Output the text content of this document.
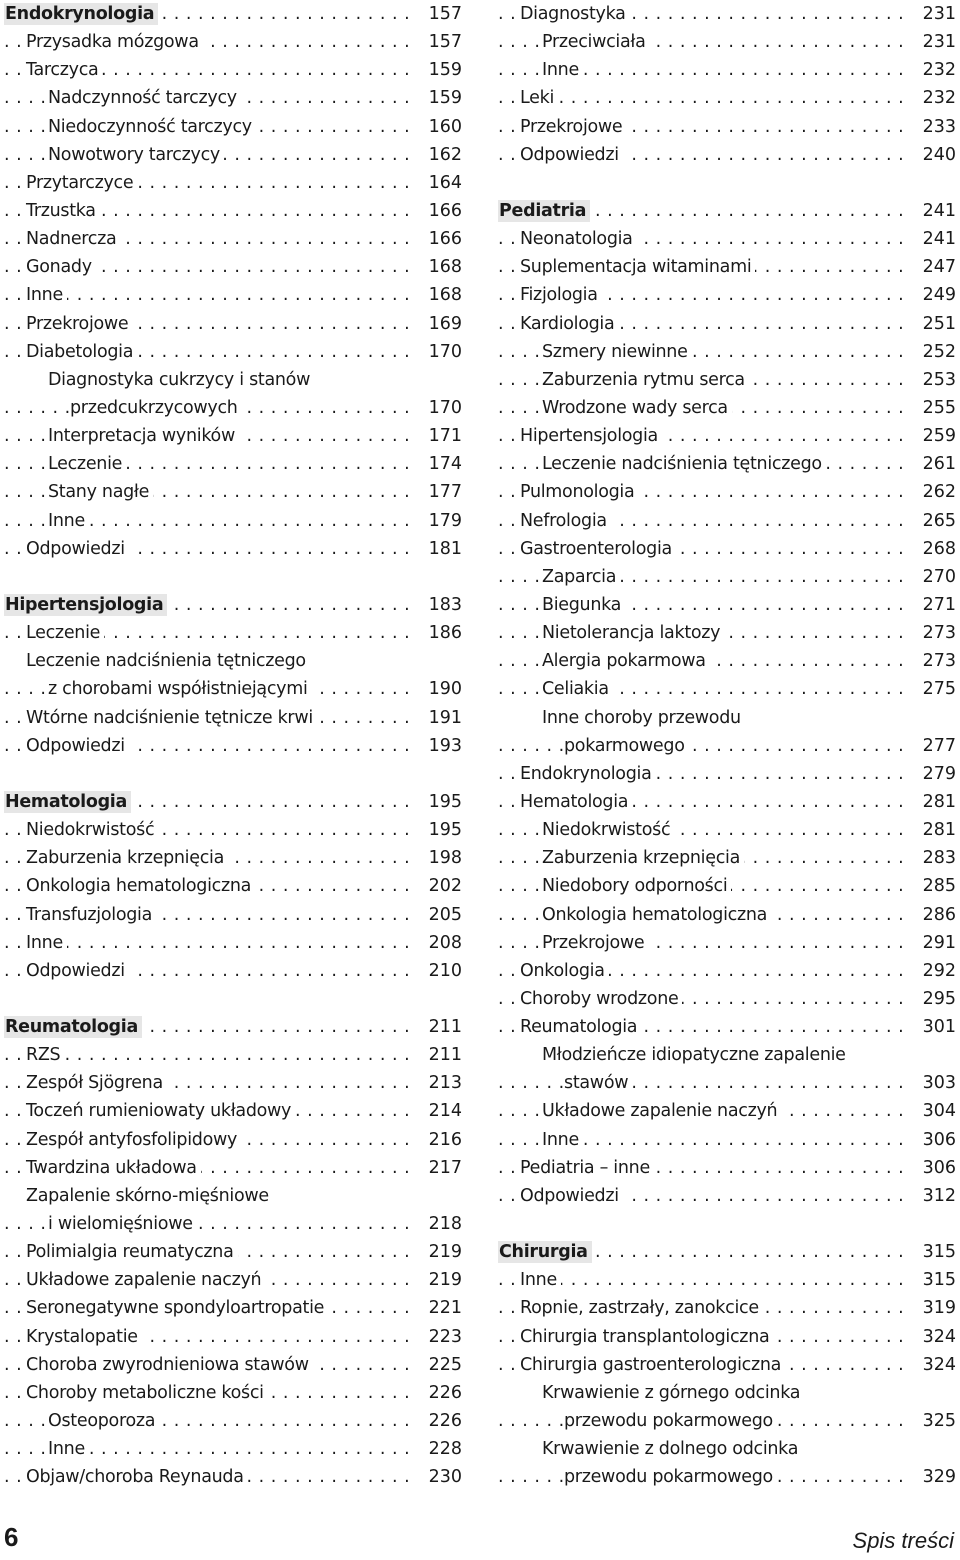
Endokrynologia	157
. . .
Przysadka mózgowa	157
. . .
Tarczyca	159
. . .
Nadczynność tarczycy	159
. . .
Niedoczynność tarczycy	160
. . .
Nowotwory tarczycy	162
. . .
Przytarczyce	164
. . .
Trzustka	166
. . .
Nadnercza	166
. . .
Gonady	168
. . .
Inne	168
. . .
Przekrojowe	169
. . .
Diabetologia	170
. . .
Diagnostyka cukrzycy i stanów
przedcukrzycowych	170
. . .
Interpretacja wyników	171
. . .
Leczenie	174
. . .
Stany nagłe	177
. . .
Inne	179
. . .
Odpowiedzi	181
. . .
Hipertensjologia	183
. . .
Leczenie	186
. . .
Leczenie nadciśnienia tętniczego
z chorobami współistniejącymi	190
. . .
Wtórne nadciśnienie tętnicze krwi	191
. . .
Odpowiedzi	193
. . .
Hematologia	195
. . .
Niedokrwistość	195
. . .
Zaburzenia krzepnięcia	198
. . .
Onkologia hematologiczna	202
. . .
Transfuzjologia	205
. . .
Inne	208
. . .
Odpowiedzi	210
. . .
Reumatologia	211
. . .
RZS	211
. . .
Zespół Sjögrena	213
. . .
Toczeń rumieniowaty układowy	214
. . .
Zespół antyfosfolipidowy	216
. . .
Twardzina układowa	217
. . .
Zapalenie skórno-mięśniowe
i wielomięśniowe	218
. . .
Polimialgia reumatyczna	219
. . .
Układowe zapalenie naczyń	219
. . .
Seronegatywne spondyloartropatie	221
. . .
Krystalopatie	223
. . .
Choroba zwyrodnieniowa stawów	225
. . .
Choroby metaboliczne kości	226
. . .
Osteoporoza	226
. . .
Inne	228
. . .
Objaw/choroba Reynauda	230
. . .
Diagnostyka	231
. . .
Przeciwciała	231
. . .
Inne	232
. . .
Leki	232
. . .
Przekrojowe	233
. . .
Odpowiedzi	240
. . .
Pediatria	241
. . .
Neonatologia	241
. . .
Suplementacja witaminami	247
. . .
Fizjologia	249
. . .
Kardiologia	251
. . .
Szmery niewinne	252
. . .
Zaburzenia rytmu serca	253
. . .
Wrodzone wady serca	255
. . .
Hipertensjologia	259
. . .
Leczenie nadciśnienia tętniczego	261
. . .
Pulmonologia	262
. . .
Nefrologia	265
. . .
Gastroenterologia	268
. . .
Zaparcia	270
. . .
Biegunka	271
. . .
Nietolerancja laktozy	273
. . .
Alergia pokarmowa	273
. . .
Celiakia	275
. . .
Inne choroby przewodu
pokarmowego	277
. . .
Endokrynologia	279
. . .
Hematologia	281
. . .
Niedokrwistość	281
. . .
Zaburzenia krzepnięcia	283
. . .
Niedobory odporności	285
. . .
Onkologia hematologiczna	286
. . .
Przekrojowe	291
. . .
Onkologia	292
. . .
Choroby wrodzone	295
. . .
Reumatologia	301
. . .
Młodzieńcze idiopatyczne zapalenie
stawów	303
. . .
Układowe zapalenie naczyń	304
. . .
Inne	306
. . .
Pediatria – inne	306
. . .
Odpowiedzi	312
. . .
Chirurgia	315
. . .
Inne	315
. . .
Ropnie, zastrzały, zanokcice	319
. . .
Chirurgia transplantologiczna	324
. . .
Chirurgia gastroenterologiczna	324
. . .
Krwawienie z górnego odcinka
przewodu pokarmowego	325
. . .
Krwawienie z dolnego odcinka
przewodu pokarmowego	329
. . .
6	Spis treści
